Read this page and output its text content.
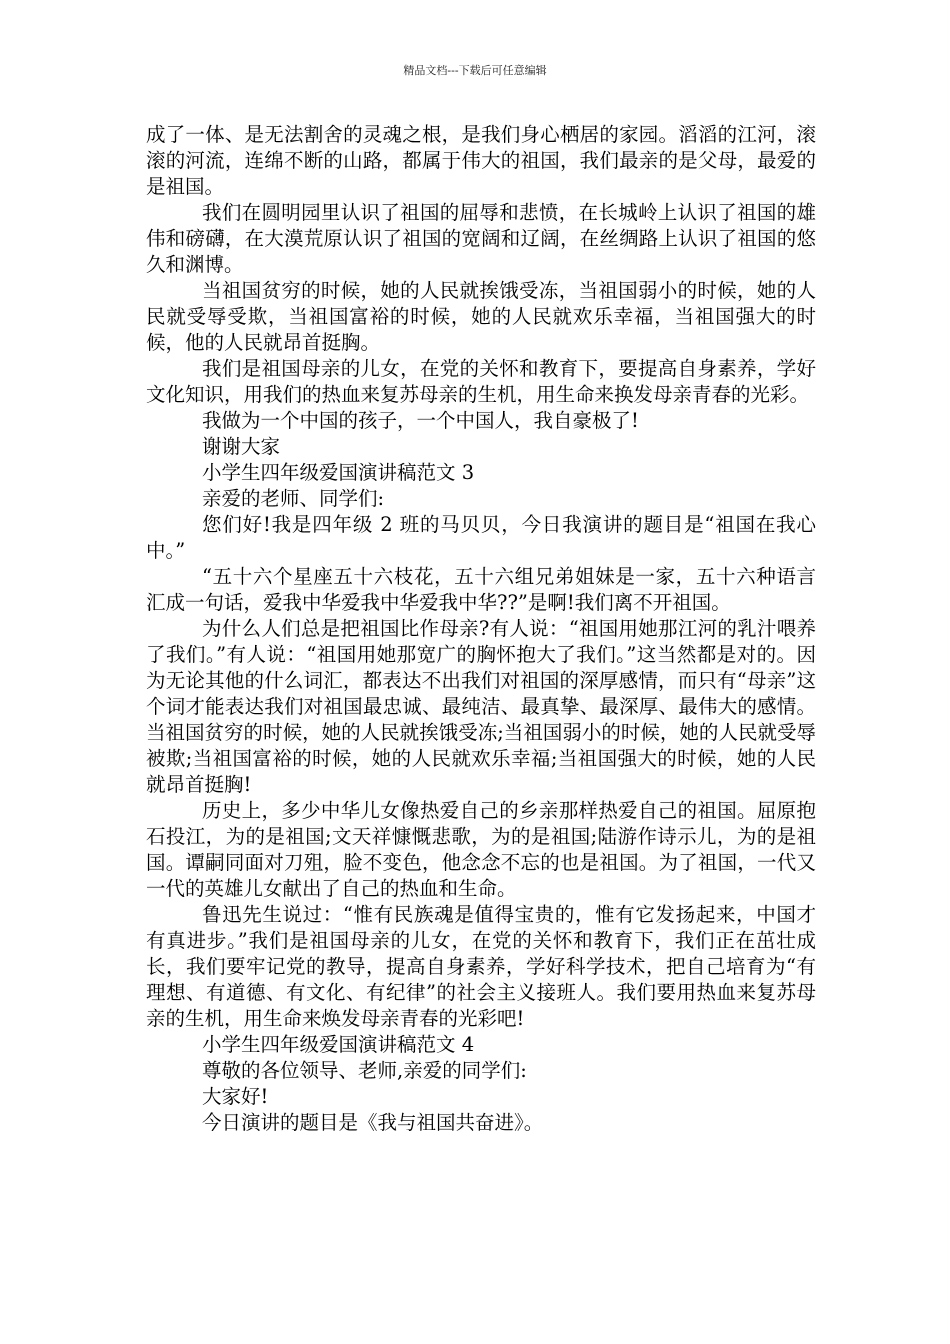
精品文档---下载后可任意编辑

成了一体、是无法割舍的灵魂之根，是我们身心栖居的家园。滔滔的江河，滚滚的河流，连绵不断的山路，都属于伟大的祖国，我们最亲的是父母，最爱的是祖国。

我们在圆明园里认识了祖国的屈辱和悲愤，在长城岭上认识了祖国的雄伟和磅礴，在大漠荒原认识了祖国的宽阔和辽阔，在丝绸路上认识了祖国的悠久和渊博。

当祖国贫穷的时候，她的人民就挨饿受冻，当祖国弱小的时候，她的人民就受辱受欺，当祖国富裕的时候，她的人民就欢乐幸福，当祖国强大的时候，他的人民就昂首挺胸。

我们是祖国母亲的儿女，在党的关怀和教育下，要提高自身素养，学好文化知识，用我们的热血来复苏母亲的生机，用生命来换发母亲青春的光彩。

我做为一个中国的孩子，一个中国人，我自豪极了!

谢谢大家

小学生四年级爱国演讲稿范文 3

亲爱的老师、同学们:

您们好!我是四年级 2 班的马贝贝，今日我演讲的题目是“祖国在我心中。”

“五十六个星座五十六枝花，五十六组兄弟姐妹是一家，五十六种语言汇成一句话，爱我中华爱我中华爱我中华??”是啊!我们离不开祖国。

为什么人们总是把祖国比作母亲?有人说：“祖国用她那江河的乳汁喂养了我们。”有人说：“祖国用她那宽广的胸怀抱大了我们。”这当然都是对的。因为无论其他的什么词汇，都表达不出我们对祖国的深厚感情，而只有“母亲”这个词才能表达我们对祖国最忠诚、最纯洁、最真挚、最深厚、最伟大的感情。当祖国贫穷的时候，她的人民就挨饿受冻;当祖国弱小的时候，她的人民就受辱被欺;当祖国富裕的时候，她的人民就欢乐幸福;当祖国强大的时候，她的人民就昂首挺胸!

历史上，多少中华儿女像热爱自己的乡亲那样热爱自己的祖国。屈原抱石投江，为的是祖国;文天祥慷慨悲歌，为的是祖国;陆游作诗示儿，为的是祖国。谭嗣同面对刀殂，脸不变色，他念念不忘的也是祖国。为了祖国，一代又一代的英雄儿女献出了自己的热血和生命。

鲁迅先生说过：“惟有民族魂是值得宝贵的，惟有它发扬起来，中国才有真进步。”我们是祖国母亲的儿女，在党的关怀和教育下，我们正在茁壮成长，我们要牢记党的教导，提高自身素养，学好科学技术，把自己培育为“有理想、有道德、有文化、有纪律”的社会主义接班人。我们要用热血来复苏母亲的生机，用生命来焕发母亲青春的光彩吧!

小学生四年级爱国演讲稿范文 4

尊敬的各位领导、老师,亲爱的同学们:

大家好!

今日演讲的题目是《我与祖国共奋进》。
